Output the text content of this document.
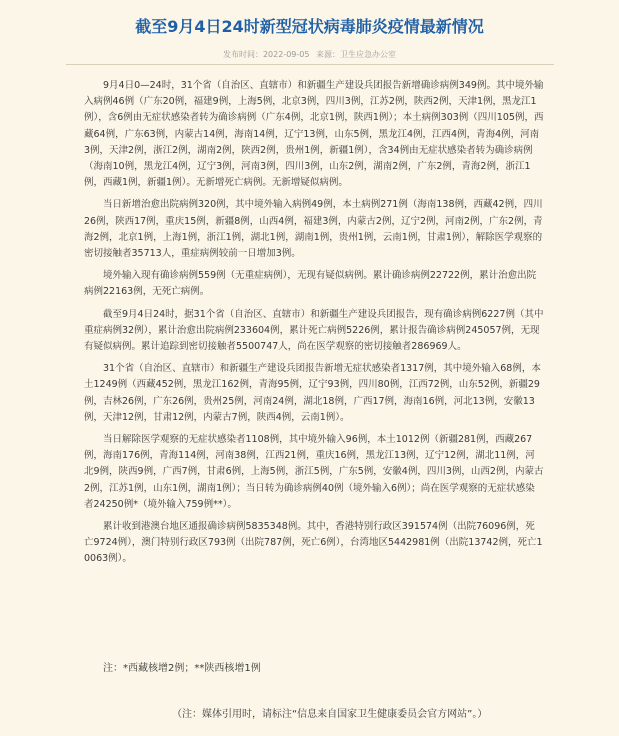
截至9月4日24时新型冠状病毒肺炎疫情最新情况
发布时间：2022-09-05 来源：卫生应急办公室

9月4日0—24时，31个省（自治区、直辖市）和新疆生产建设兵团报告新增确诊病例349例。其中境外输入病例46例（广东20例，福建9例，上海5例，北京3例，四川3例，江苏2例，陕西2例，天津1例，黑龙江1例），含6例由无症状感染者转为确诊病例（广东4例，北京1例，陕西1例）；本土病例303例（四川105例，西藏64例，广东63例，内蒙古14例，海南14例，辽宁13例，山东5例，黑龙江4例，江西4例，青海4例，河南3例，天津2例，浙江2例，湖南2例，陕西2例，贵州1例，新疆1例），含34例由无症状感染者转为确诊病例（海南10例，黑龙江4例，辽宁3例，河南3例，四川3例，山东2例，湖南2例，广东2例，青海2例，浙江1例，西藏1例，新疆1例）。无新增死亡病例。无新增疑似病例。

当日新增治愈出院病例320例，其中境外输入病例49例，本土病例271例（海南138例，西藏42例，四川26例，陕西17例，重庆15例，新疆8例，山西4例，福建3例，内蒙古2例，辽宁2例，河南2例，广东2例，青海2例，北京1例，上海1例，浙江1例，湖北1例，湖南1例，贵州1例，云南1例，甘肃1例），解除医学观察的密切接触者35713人，重症病例较前一日增加3例。

境外输入现有确诊病例559例（无重症病例），无现有疑似病例。累计确诊病例22722例，累计治愈出院病例22163例，无死亡病例。

截至9月4日24时，据31个省（自治区、直辖市）和新疆生产建设兵团报告，现有确诊病例6227例（其中重症病例32例），累计治愈出院病例233604例，累计死亡病例5226例，累计报告确诊病例245057例，无现有疑似病例。累计追踪到密切接触者5500747人，尚在医学观察的密切接触者286969人。

31个省（自治区、直辖市）和新疆生产建设兵团报告新增无症状感染者1317例，其中境外输入68例，本土1249例（西藏452例，黑龙江162例，青海95例，辽宁93例，四川80例，江西72例，山东52例，新疆29例，吉林26例，广东26例，贵州25例，河南24例，湖北18例，广西17例，海南16例，河北13例，安徽13例，天津12例，甘肃12例，内蒙古7例，陕西4例，云南1例）。

当日解除医学观察的无症状感染者1108例，其中境外输入96例，本土1012例（新疆281例，西藏267例，海南176例，青海114例，河南38例，江西21例，重庆16例，黑龙江13例，辽宁12例，湖北11例，河北9例，陕西9例，广西7例，甘肃6例，上海5例，浙江5例，广东5例，安徽4例，四川3例，山西2例，内蒙古2例，江苏1例，山东1例，湖南1例）；当日转为确诊病例40例（境外输入6例）；尚在医学观察的无症状感染者24250例*（境外输入759例**）。

累计收到港澳台地区通报确诊病例5835348例。其中，香港特别行政区391574例（出院76096例，死亡9724例），澳门特别行政区793例（出院787例，死亡6例），台湾地区5442981例（出院13742例，死亡10063例）。

注：*西藏核增2例；**陕西核增1例
（注：媒体引用时，请标注“信息来自国家卫生健康委员会官方网站”。）
